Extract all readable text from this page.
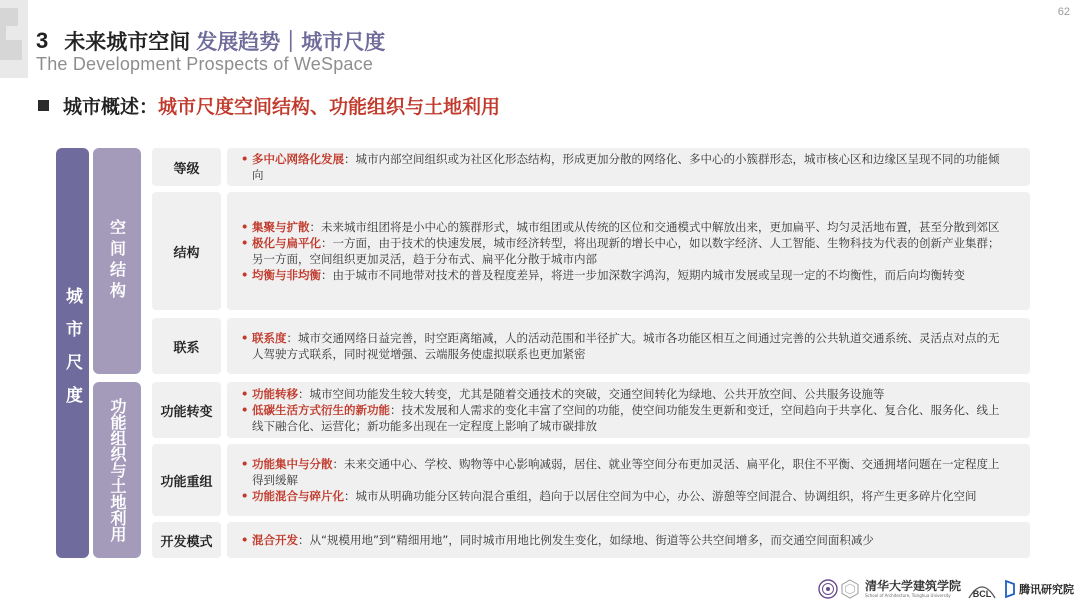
62
3 未来城市空间 发展趋势｜城市尺度
The Development Prospects of WeSpace
城市概述： 城市尺度空间结构、功能组织与土地利用
城市尺度
空间结构
功能组织与土地利用
等级
• 多中心网络化发展：城市内部空间组织或为社区化形态结构，形成更加分散的网络化、多中心的小簇群形态，城市核心区和边缘区呈现不同的功能倾向
结构
• 集聚与扩散：未来城市组团将是小中心的簇群形式，城市组团或从传统的区位和交通模式中解放出来，更加扁平、均匀灵活地布置，甚至分散到郊区
• 极化与扁平化：一方面，由于技术的快速发展，城市经济转型，将出现新的增长中心，如以数字经济、人工智能、生物科技为代表的创新产业集群；另一方面，空间组织更加灵活，趋于分布式、扁平化分散于城市内部
• 均衡与非均衡：由于城市不同地带对技术的普及程度差异，将进一步加深数字鸿沟，短期内城市发展或呈现一定的不均衡性，而后向均衡转变
联系
• 联系度：城市交通网络日益完善，时空距离缩减，人的活动范围和半径扩大。城市各功能区相互之间通过完善的公共轨道交通系统、灵活点对点的无人驾驶方式联系，同时视觉增强、云端服务使虚拟联系也更加紧密
功能转变
• 功能转移：城市空间功能发生较大转变，尤其是随着交通技术的突破，交通空间转化为绿地、公共开放空间、公共服务设施等
• 低碳生活方式衍生的新功能：技术发展和人需求的变化丰富了空间的功能，使空间功能发生更新和变迁，空间趋向于共享化、复合化、服务化、线上线下融合化、运营化；新功能多出现在一定程度上影响了城市碳排放
功能重组
• 功能集中与分散：未来交通中心、学校、购物等中心影响减弱，居住、就业等空间分布更加灵活、扁平化，职住不平衡、交通拥堵问题在一定程度上得到缓解
• 功能混合与碎片化：城市从明确功能分区转向混合重组，趋向于以居住空间为中心，办公、游憩等空间混合、协调组织，将产生更多碎片化空间
开发模式	• 混合开发：从“规模用地”到“精细用地”，同时城市用地比例发生变化，如绿地、街道等公共空间增多，而交通空间面积减少
清华大学建筑学院
School of Architecture, Tsinghua University	BCL	腾讯研究院
